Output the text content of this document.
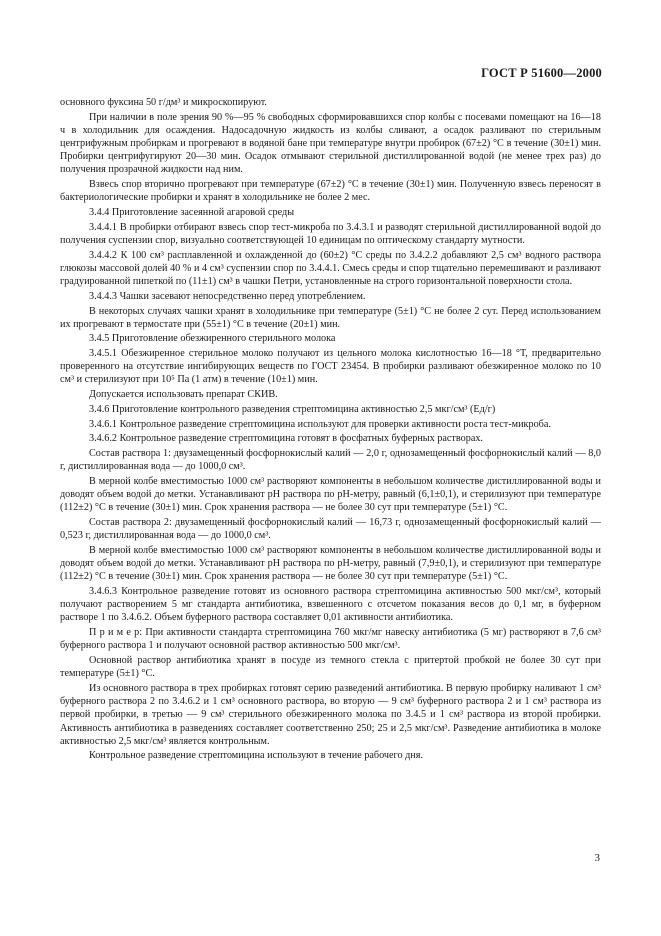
ГОСТ Р 51600—2000

основного фуксина 50 г/дм³ и микроскопируют.

При наличии в поле зрения 90 %—95 % свободных сформировавшихся спор колбы с посевами помещают на 16—18 ч в холодильник для осаждения. Надосадочную жидкость из колбы сливают, а осадок разливают по стерильным центрифужным пробиркам и прогревают в водяной бане при температуре внутри пробирок (67±2) °С в течение (30±1) мин. Пробирки центрифугируют 20—30 мин. Осадок отмывают стерильной дистиллированной водой (не менее трех раз) до получения прозрачной жидкости над ним.

Взвесь спор вторично прогревают при температуре (67±2) °С в течение (30±1) мин. Полученную взвесь переносят в бактериологические пробирки и хранят в холодильнике не более 2 мес.

3.4.4 Приготовление засеянной агаровой среды

3.4.4.1 В пробирки отбирают взвесь спор тест-микроба по 3.4.3.1 и разводят стерильной дистиллированной водой до получения суспензии спор, визуально соответствующей 10 единицам по оптическому стандарту мутности.

3.4.4.2 К 100 см³ расплавленной и охлажденной до (60±2) °С среды по 3.4.2.2 добавляют 2,5 см³ водного раствора глюкозы массовой долей 40 % и 4 см³ суспензии спор по 3.4.4.1. Смесь среды и спор тщательно перемешивают и разливают градуированной пипеткой по (11±1) см³ в чашки Петри, установленные на строго горизонтальной поверхности стола.

3.4.4.3 Чашки засевают непосредственно перед употреблением.

В некоторых случаях чашки хранят в холодильнике при температуре (5±1) °С не более 2 сут. Перед использованием их прогревают в термостате при (55±1) °С в течение (20±1) мин.

3.4.5 Приготовление обезжиренного стерильного молока

3.4.5.1 Обезжиренное стерильное молоко получают из цельного молока кислотностью 16—18 °Т, предварительно проверенного на отсутствие ингибирующих веществ по ГОСТ 23454. В пробирки разливают обезжиренное молоко по 10 см³ и стерилизуют при 10⁵ Па (1 атм) в течение (10±1) мин.

Допускается использовать препарат СКИВ.

3.4.6 Приготовление контрольного разведения стрептомицина активностью 2,5 мкг/см³ (Ед/г)

3.4.6.1 Контрольное разведение стрептомицина используют для проверки активности роста тест-микроба.

3.4.6.2 Контрольное разведение стрептомицина готовят в фосфатных буферных растворах.

Состав раствора 1: двузамещенный фосфорнокислый калий — 2,0 г, однозамещенный фосфорнокислый калий — 8,0 г, дистиллированная вода — до 1000,0 см³.

В мерной колбе вместимостью 1000 см³ растворяют компоненты в небольшом количестве дистиллированной воды и доводят объем водой до метки. Устанавливают pH раствора по pH-метру, равный (6,1±0,1), и стерилизуют при температуре (112±2) °С в течение (30±1) мин. Срок хранения раствора — не более 30 сут при температуре (5±1) °С.

Состав раствора 2: двузамещенный фосфорнокислый калий — 16,73 г, однозамещенный фосфорнокислый калий — 0,523 г, дистиллированная вода — до 1000,0 см³.

В мерной колбе вместимостью 1000 см³ растворяют компоненты в небольшом количестве дистиллированной воды и доводят объем водой до метки. Устанавливают pH раствора по pH-метру, равный (7,9±0,1), и стерилизуют при температуре (112±2) °С в течение (30±1) мин. Срок хранения раствора — не более 30 сут при температуре (5±1) °С.

3.4.6.3 Контрольное разведение готовят из основного раствора стрептомицина активностью 500 мкг/см³, который получают растворением 5 мг стандарта антибиотика, взвешенного с отсчетом показания весов до 0,1 мг, в буферном растворе 1 по 3.4.6.2. Объем буферного раствора составляет 0,01 активности антибиотика.

П р и м е р: При активности стандарта стрептомицина 760 мкг/мг навеску антибиотика (5 мг) растворяют в 7,6 см³ буферного раствора 1 и получают основной раствор активностью 500 мкг/см³.

Основной раствор антибиотика хранят в посуде из темного стекла с притертой пробкой не более 30 сут при температуре (5±1) °С.

Из основного раствора в трех пробирках готовят серию разведений антибиотика. В первую пробирку наливают 1 см³ буферного раствора 2 по 3.4.6.2 и 1 см³ основного раствора, во вторую — 9 см³ буферного раствора 2 и 1 см³ раствора из первой пробирки, в третью — 9 см³ стерильного обезжиренного молока по 3.4.5 и 1 см³ раствора из второй пробирки. Активность антибиотика в разведениях составляет соответственно 250; 25 и 2,5 мкг/см³. Разведение антибиотика в молоке активностью 2,5 мкг/см³ является контрольным.

Контрольное разведение стрептомицина используют в течение рабочего дня.

3
